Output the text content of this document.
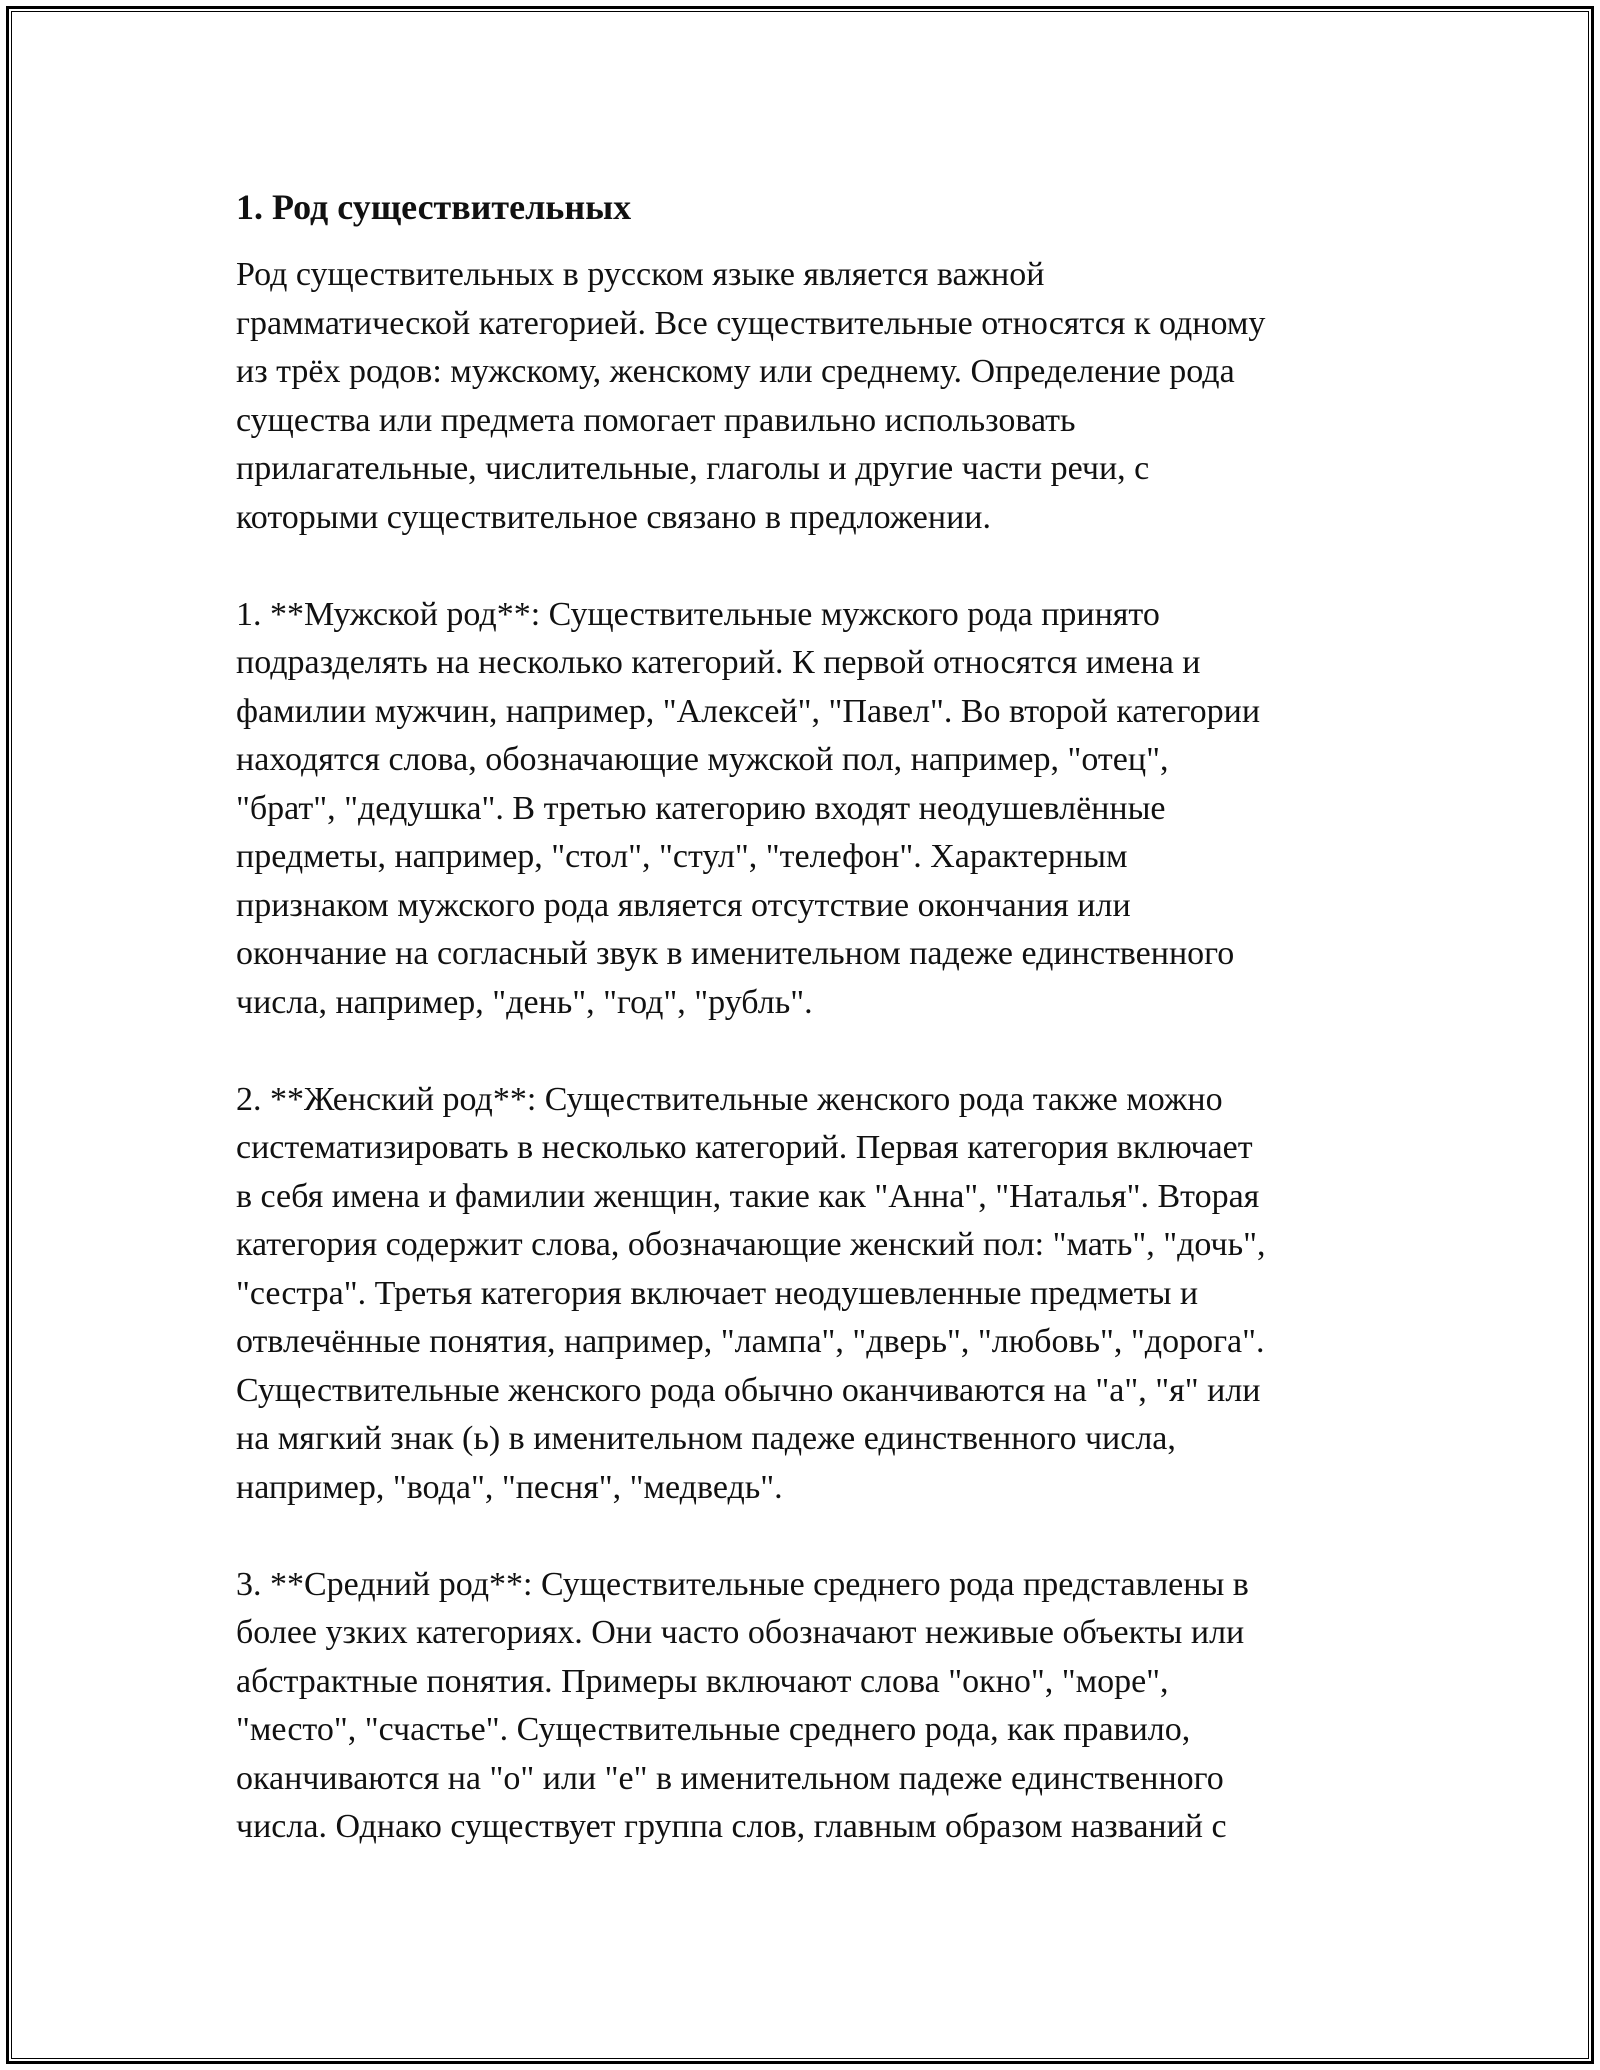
1. Род существительных

Род существительных в русском языке является важной
грамматической категорией. Все существительные относятся к одному
из трёх родов: мужскому, женскому или среднему. Определение рода
существа или предмета помогает правильно использовать
прилагательные, числительные, глаголы и другие части речи, с
которыми существительное связано в предложении.

1. **Мужской род**: Существительные мужского рода принято
подразделять на несколько категорий. К первой относятся имена и
фамилии мужчин, например, "Алексей", "Павел". Во второй категории
находятся слова, обозначающие мужской пол, например, "отец",
"брат", "дедушка". В третью категорию входят неодушевлённые
предметы, например, "стол", "стул", "телефон". Характерным
признаком мужского рода является отсутствие окончания или
окончание на согласный звук в именительном падеже единственного
числа, например, "день", "год", "рубль".

2. **Женский род**: Существительные женского рода также можно
систематизировать в несколько категорий. Первая категория включает
в себя имена и фамилии женщин, такие как "Анна", "Наталья". Вторая
категория содержит слова, обозначающие женский пол: "мать", "дочь",
"сестра". Третья категория включает неодушевленные предметы и
отвлечённые понятия, например, "лампа", "дверь", "любовь", "дорога".
Существительные женского рода обычно оканчиваются на "а", "я" или
на мягкий знак (ь) в именительном падеже единственного числа,
например, "вода", "песня", "медведь".

3. **Средний род**: Существительные среднего рода представлены в
более узких категориях. Они часто обозначают неживые объекты или
абстрактные понятия. Примеры включают слова "окно", "море",
"место", "счастье". Существительные среднего рода, как правило,
оканчиваются на "о" или "е" в именительном падеже единственного
числа. Однако существует группа слов, главным образом названий с
